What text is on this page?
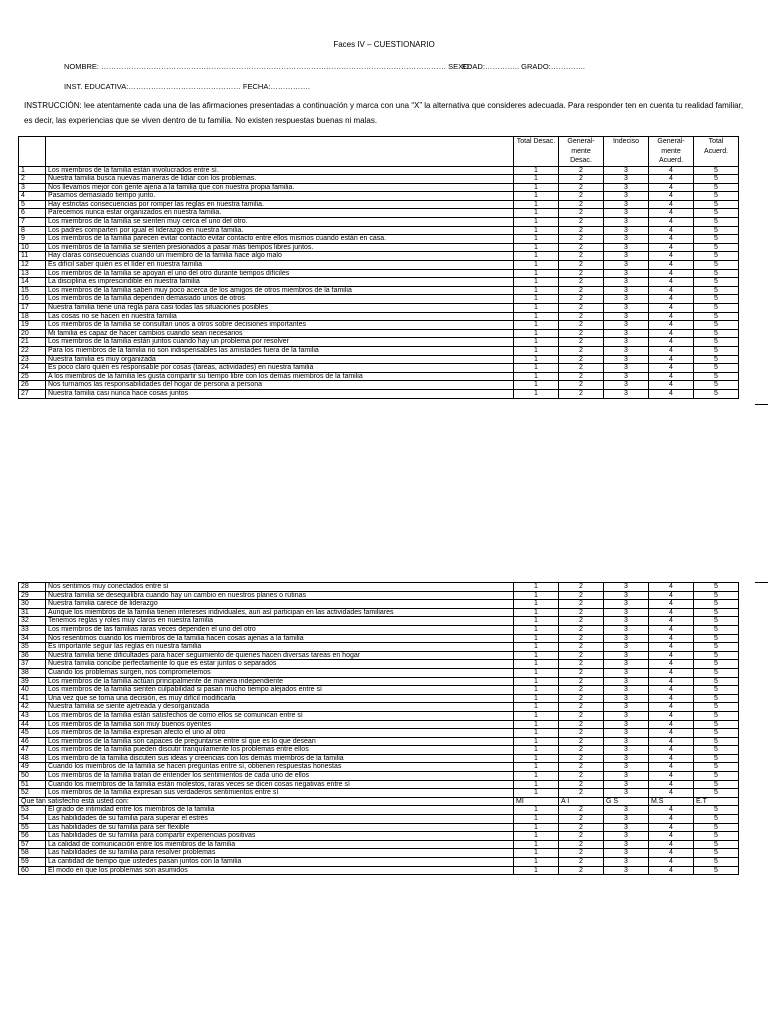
Faces IV – CUESTIONARIO
NOMBRE: ………………………………………………………………………………………………………………………… SEXO:
EDAD:………….. GRADO:…………..
INST. EDUCATIVA:……………………………………… FECHA:…………….
INSTRUCCIÓN: lee atentamente cada una de las afirmaciones presentadas a continuación y marca con una “X” la alternativa que consideres adecuada. Para responder ten en cuenta tu realidad familiar, es decir, las experiencias que se viven dentro de tu familia. No existen respuestas buenas ni malas.
		Total Desac.	General-mente Desac.	Indeciso	General-mente Acuerd.	Total Acuerd.
1	Los miembros de la familia están involucrados entre sí.	1	2	3	4	5
2	Nuestra familia busca nuevas maneras de lidiar con los problemas.	1	2	3	4	5
3	Nos llevamos mejor con gente ajena a la familia que con nuestra propia familia.	1	2	3	4	5
4	Pasamos demasiado tiempo junto.	1	2	3	4	5
5	Hay estrictas consecuencias por romper las reglas en nuestra familia.	1	2	3	4	5
6	Parecemos nunca estar organizados en nuestra familia.	1	2	3	4	5
7	Los miembros de la familia se sienten muy cerca el uno del otro.	1	2	3	4	5
8	Los padres comparten por igual el liderazgo en nuestra familia.	1	2	3	4	5
9	Los miembros de la familia parecen evitar contacto evitar contacto entre ellos mismos cuando están en casa.	1	2	3	4	5
10	Los miembros de la familia se sienten presionados a pasar más tiempos libres juntos.	1	2	3	4	5
11	Hay claras consecuencias cuando un miembro de la familia hace algo malo	1	2	3	4	5
12	Es difícil saber quién es el líder en nuestra familia	1	2	3	4	5
13	Los miembros de la familia se apoyan el uno del otro durante tiempos difíciles	1	2	3	4	5
14	La disciplina es imprescindible en nuestra familia	1	2	3	4	5
15	Los miembros de la familia saben muy poco acerca de los amigos de otros miembros de la familia	1	2	3	4	5
16	Los miembros de la familia dependen demasiado unos de otros	1	2	3	4	5
17	Nuestra familia tiene una regla para casi todas las situaciones posibles	1	2	3	4	5
18	Las cosas no se hacen en nuestra familia	1	2	3	4	5
19	Los miembros de la familia se consultan unos a otros sobre decisiones importantes	1	2	3	4	5
20	Mi familia es capaz de hacer cambios cuando sean necesarios	1	2	3	4	5
21	Los miembros de la familia están juntos cuando hay un problema por resolver	1	2	3	4	5
22	Para los miembros de la familia no son indispensables las amistades fuera de la familia	1	2	3	4	5
23	Nuestra familia es muy organizada	1	2	3	4	5
24	Es poco claro quién es responsable por cosas (tareas, actividades) en nuestra familia	1	2	3	4	5
25	A los miembros de la familia les gusta compartir su tiempo libre con los demás miembros de la familia	1	2	3	4	5
26	Nos turnamos las responsabilidades del hogar de persona a persona	1	2	3	4	5
27	Nuestra familia casi nunca hace cosas juntos	1	2	3	4	5
28	Nos sentimos muy conectados entre sí	1	2	3	4	5
29	Nuestra familia se desequilibra cuando hay un cambio en nuestros planes o rutinas	1	2	3	4	5
30	Nuestra familia carece de liderazgo	1	2	3	4	5
31	Aunque los miembros de la familia tienen intereses individuales, aun así participan en las actividades familiares	1	2	3	4	5
32	Tenemos reglas y roles muy claros en nuestra familia	1	2	3	4	5
33	Los miembros de las familias raras veces dependen el uno del otro	1	2	3	4	5
34	Nos resentimos cuando los miembros de la familia hacen cosas ajenas a la familia	1	2	3	4	5
35	Es importante seguir las reglas en nuestra familia	1	2	3	4	5
36	Nuestra familia tiene dificultades para hacer seguimiento de quienes hacen diversas tareas en hogar	1	2	3	4	5
37	Nuestra familia concibe perfectamente lo que es estar juntos o separados	1	2	3	4	5
38	Cuando los problemas surgen, nos comprometemos	1	2	3	4	5
39	Los miembros de la familia actúan principalmente de manera independiente	1	2	3	4	5
40	Los miembros de la familia sienten culpabilidad si pasan mucho tiempo alejados entre sí	1	2	3	4	5
41	Una vez que se toma una decisión, es muy difícil modificarla	1	2	3	4	5
42	Nuestra familia se siente ajetreada y desorganizada	1	2	3	4	5
43	Los miembros de la familia están satisfechos de como ellos se comunican entre sí	1	2	3	4	5
44	Los miembros de la familia son muy buenos oyentes	1	2	3	4	5
45	Los miembros de la familia expresan afecto el uno al otro	1	2	3	4	5
46	Los miembros de la familia son capaces de preguntarse entre sí que es lo que desean	1	2	3	4	5
47	Los miembros de la familia pueden discutir tranquilamente los problemas entre ellos	1	2	3	4	5
48	Los miembro de la familia discuten sus ideas y creencias con los demás miembros de la familia	1	2	3	4	5
49	Cuando los miembros de la familia se hacen preguntas entre sí, obtienen respuestas honestas	1	2	3	4	5
50	Los miembros de la familia tratan de entender los sentimientos de cada uno de ellos	1	2	3	4	5
51	Cuando los miembros de la familia están molestos, raras veces se dicen cosas negativas entre sí	1	2	3	4	5
52	Los miembros de la familia expresan sus verdaderos sentimientos entre sí	1	2	3	4	5
Que tan satisfecho está usted con:		MI	A I	G S	M.S	E.T
53	El grado de intimidad entre los miembros de la familia	1	2	3	4	5
54	Las habilidades de su familia para superar el estrés	1	2	3	4	5
55	Las habilidades de su familia para ser flexible	1	2	3	4	5
56	Las habilidades de su familia para compartir experiencias positivas	1	2	3	4	5
57	La calidad de comunicación entre los miembros de la familia	1	2	3	4	5
58	Las habilidades de su familia para resolver problemas	1	2	3	4	5
59	La cantidad de tiempo que ustedes pasan juntos con la familia	1	2	3	4	5
60	El modo en que los problemas son asumidos	1	2	3	4	5
